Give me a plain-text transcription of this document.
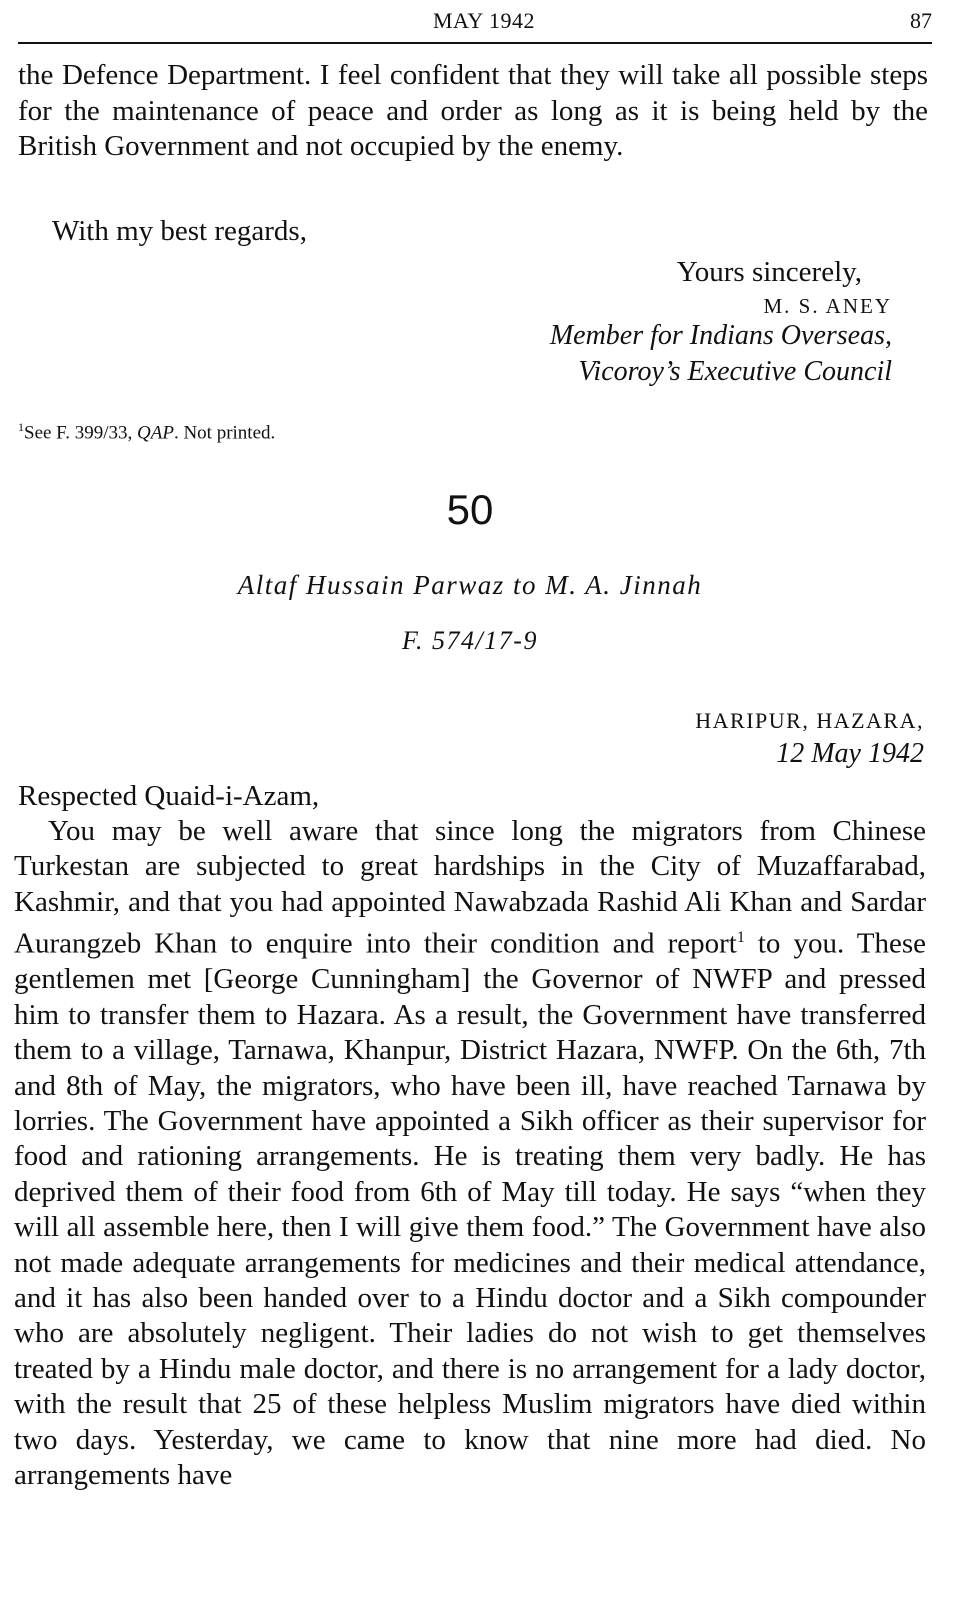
MAY 1942	87

the Defence Department. I feel confident that they will take all possible steps for the maintenance of peace and order as long as it is being held by the British Government and not occupied by the enemy.

With my best regards,
Yours sincerely,
M. S. ANEY
Member for Indians Overseas,
Vicoroy’s Executive Council
$^1$See F. 399/33, QAP. Not printed.
50
Altaf Hussain Parwaz to M. A. Jinnah
F. 574/17-9
HARIPUR, HAZARA,
12 May 1942
Respected Quaid-i-Azam,

You may be well aware that since long the migrators from Chinese Turkestan are subjected to great hardships in the City of Muzaffarabad, Kashmir, and that you had appointed Nawabzada Rashid Ali Khan and Sardar Aurangzeb Khan to enquire into their condition and report$^1$ to you. These gentlemen met [George Cunningham] the Governor of NWFP and pressed him to transfer them to Hazara. As a result, the Government have transferred them to a village, Tarnawa, Khanpur, District Hazara, NWFP. On the 6th, 7th and 8th of May, the migrators, who have been ill, have reached Tarnawa by lorries. The Government have appointed a Sikh officer as their supervisor for food and rationing arrangements. He is treating them very badly. He has deprived them of their food from 6th of May till today. He says “when they will all assemble here, then I will give them food.” The Government have also not made adequate arrangements for medicines and their medical attendance, and it has also been handed over to a Hindu doctor and a Sikh compounder who are absolutely negligent. Their ladies do not wish to get themselves treated by a Hindu male doctor, and there is no arrangement for a lady doctor, with the result that 25 of these helpless Muslim migrators have died within two days. Yesterday, we came to know that nine more had died. No arrangements have
